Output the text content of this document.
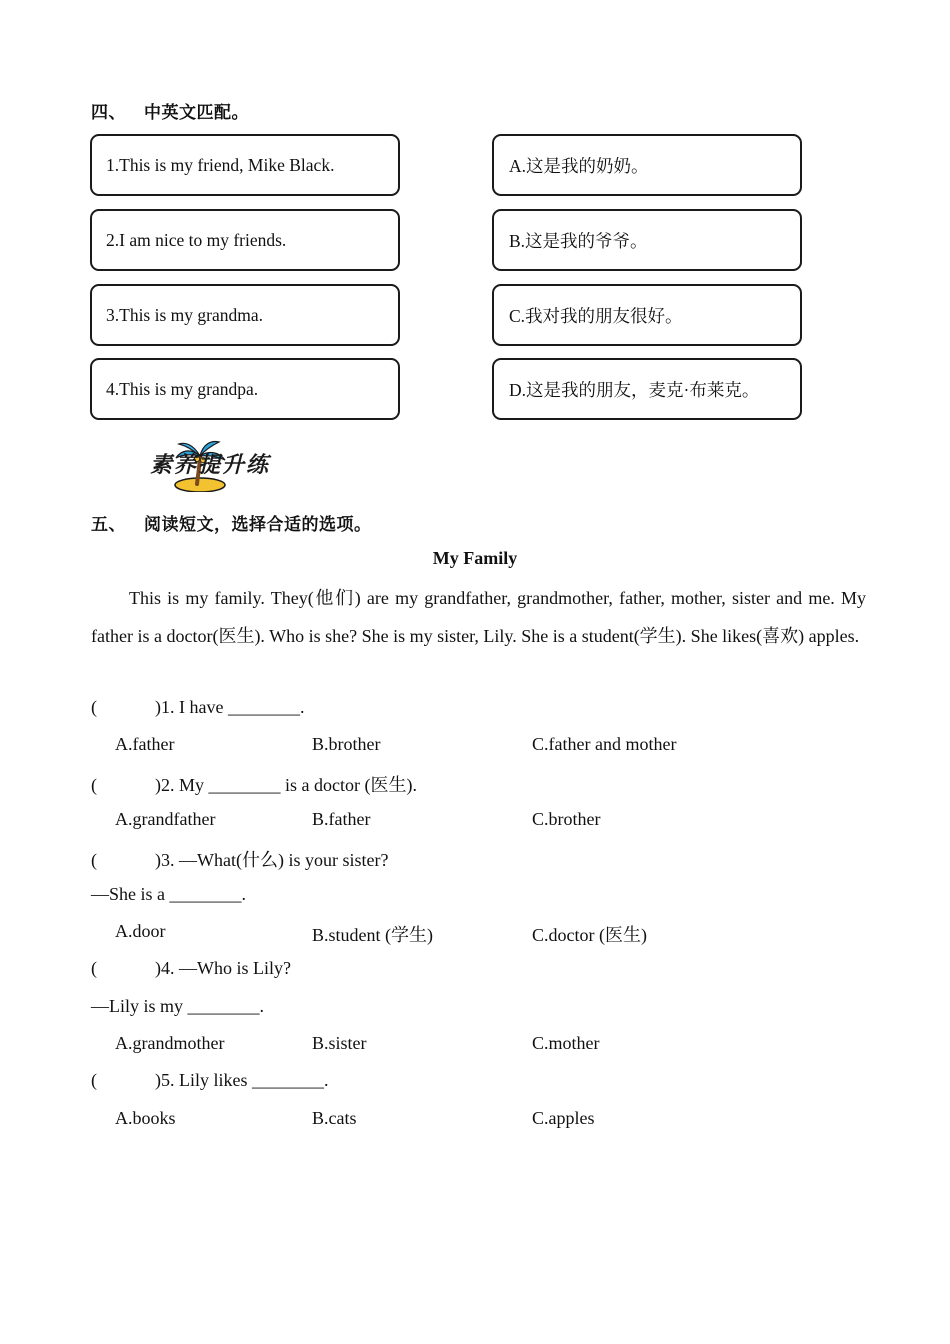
四、 中英文匹配。
1.This is my friend, Mike Black.
2.I am nice to my friends.
3.This is my grandma.
4.This is my grandpa.
A.这是我的奶奶。
B.这是我的爷爷。
C.我对我的朋友很好。
D.这是我的朋友，麦克·布莱克。
素养提升练
五、 阅读短文，选择合适的选项。
My Family
This is my family. They(他们) are my grandfather, grandmother, father, mother, sister and me. My father is a doctor(医生). Who is she? She is my sister, Lily. She is a student(学生). She likes(喜欢) apples.
(	)1. I have ________.
A.father	B.brother	C.father and mother
(	)2. My ________ is a doctor (医生).
A.grandfather	B.father	C.brother
(	)3. —What(什么) is your sister?
—She is a ________.
A.door	B.student (学生)	C.doctor (医生)
(	)4. —Who is Lily?
—Lily is my ________.
A.grandmother	B.sister	C.mother
(	)5. Lily likes ________.
A.books	B.cats	C.apples
